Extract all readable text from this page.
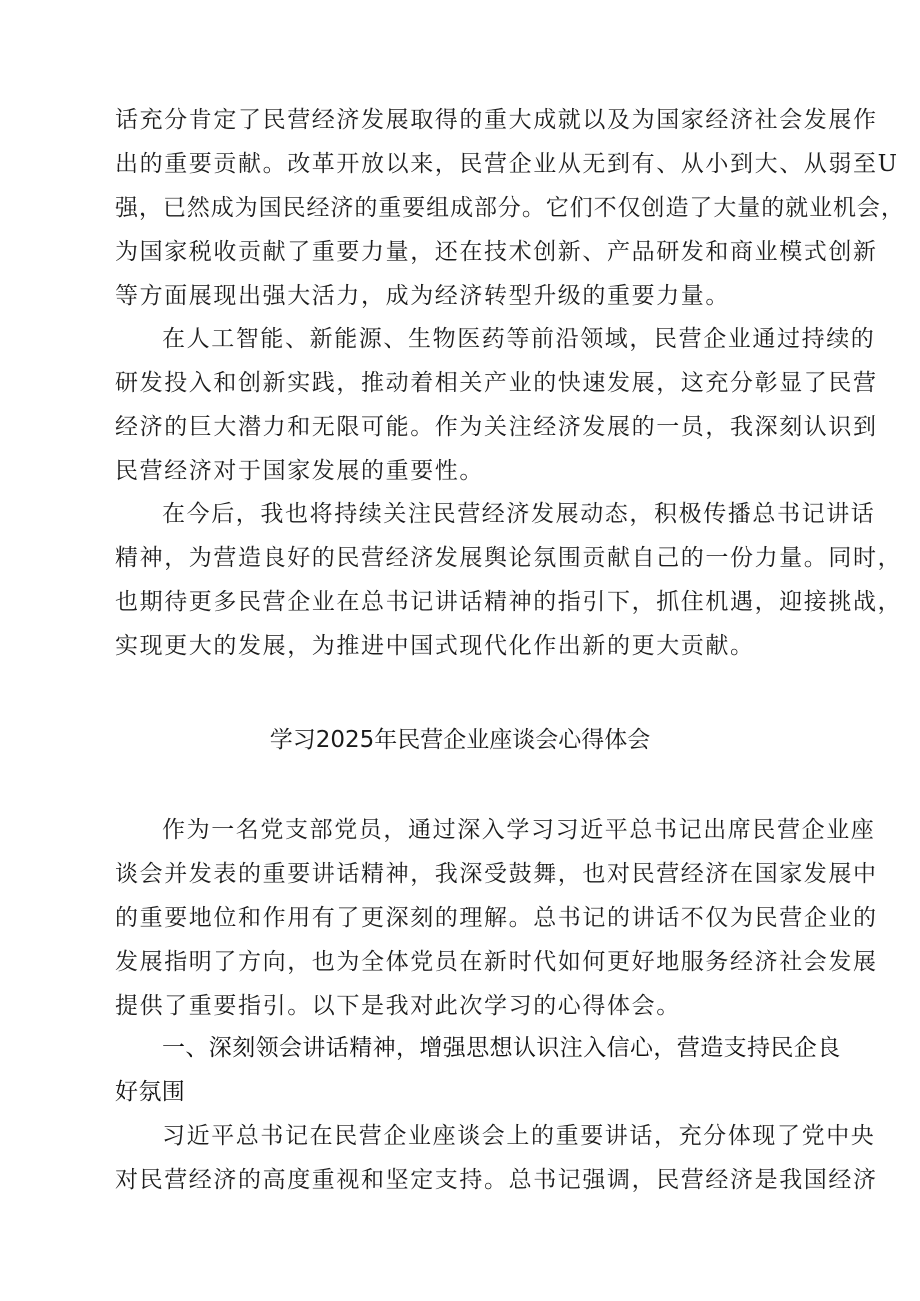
话充分肯定了民营经济发展取得的重大成就以及为国家经济社会发展作
出的重要贡献。改革开放以来，民营企业从无到有、从小到大、从弱至U
强，已然成为国民经济的重要组成部分。它们不仅创造了大量的就业机会，
为国家税收贡献了重要力量，还在技术创新、产品研发和商业模式创新
等方面展现出强大活力，成为经济转型升级的重要力量。
在人工智能、新能源、生物医药等前沿领域，民营企业通过持续的
研发投入和创新实践，推动着相关产业的快速发展，这充分彰显了民营
经济的巨大潜力和无限可能。作为关注经济发展的一员，我深刻认识到
民营经济对于国家发展的重要性。
在今后，我也将持续关注民营经济发展动态，积极传播总书记讲话
精神，为营造良好的民营经济发展舆论氛围贡献自己的一份力量。同时，
也期待更多民营企业在总书记讲话精神的指引下，抓住机遇，迎接挑战，
实现更大的发展，为推进中国式现代化作出新的更大贡献。
学习2025年民营企业座谈会心得体会
作为一名党支部党员，通过深入学习习近平总书记出席民营企业座
谈会并发表的重要讲话精神，我深受鼓舞，也对民营经济在国家发展中
的重要地位和作用有了更深刻的理解。总书记的讲话不仅为民营企业的
发展指明了方向，也为全体党员在新时代如何更好地服务经济社会发展
提供了重要指引。以下是我对此次学习的心得体会。
一、深刻领会讲话精神，增强思想认识注入信心，营造支持民企良
好氛围
习近平总书记在民营企业座谈会上的重要讲话，充分体现了党中央
对民营经济的高度重视和坚定支持。总书记强调，民营经济是我国经济
